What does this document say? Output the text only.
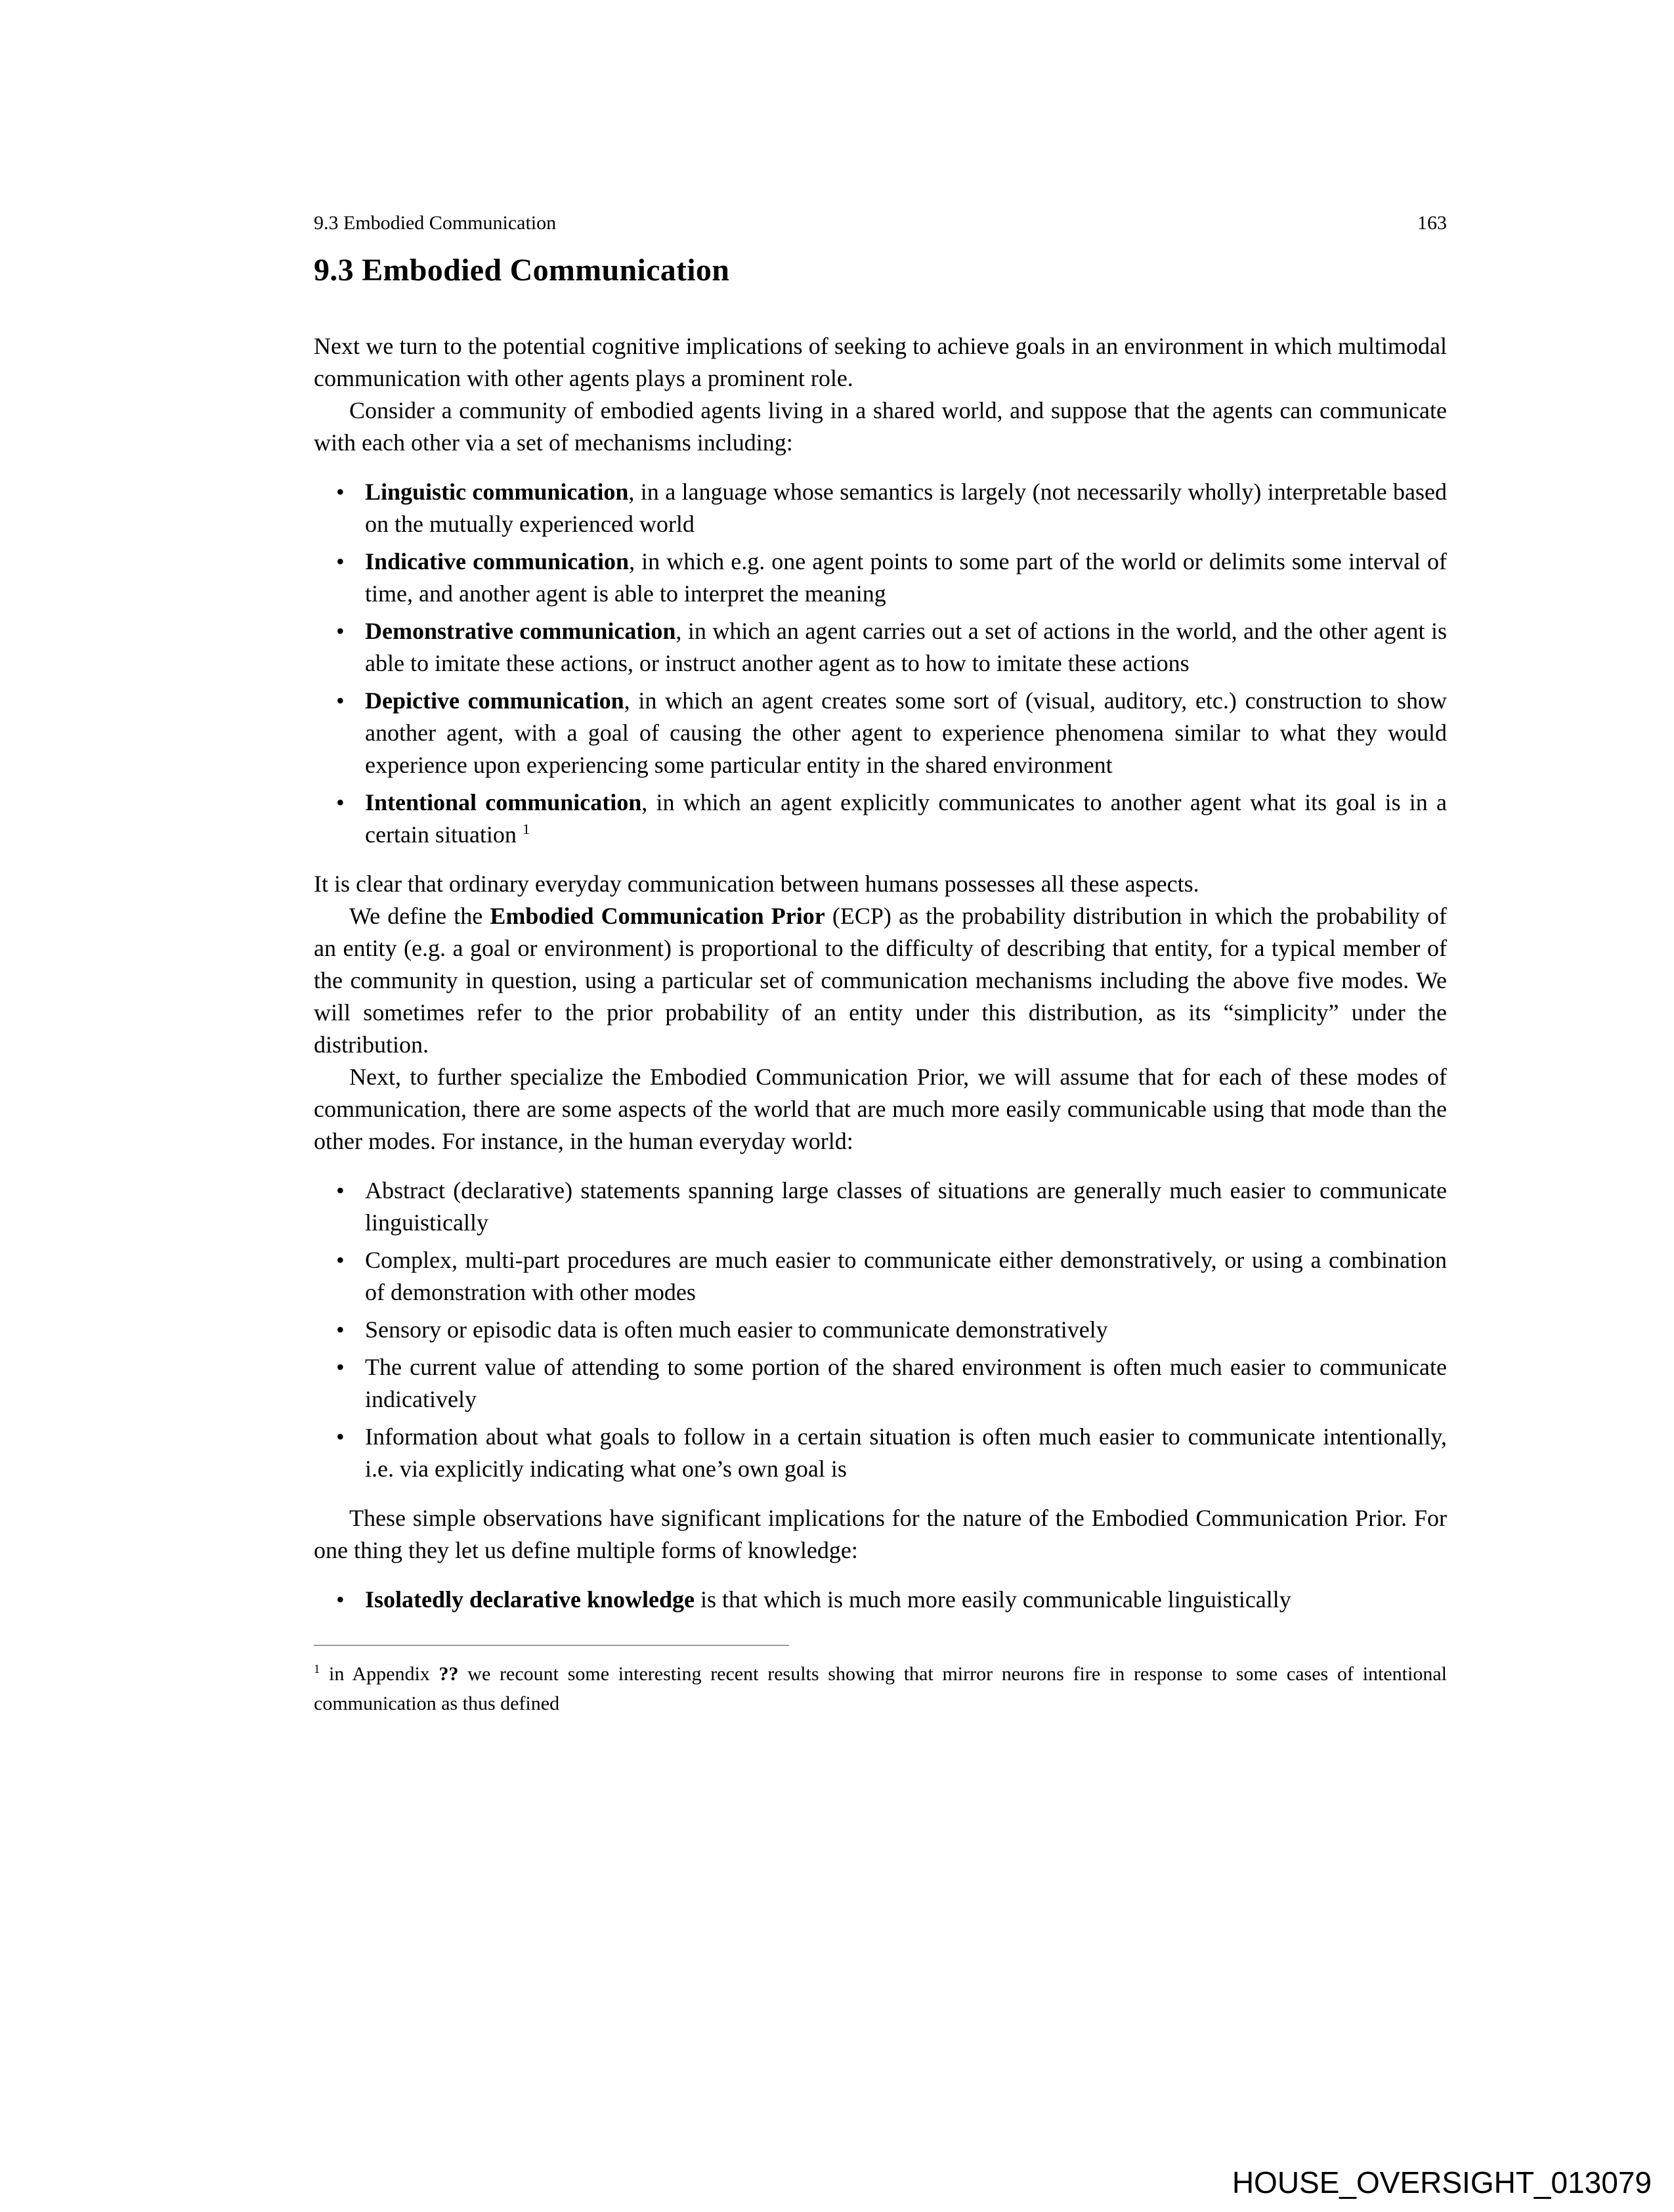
9.3 Embodied Communication	163
9.3 Embodied Communication

Next we turn to the potential cognitive implications of seeking to achieve goals in an environment in which multimodal communication with other agents plays a prominent role.

Consider a community of embodied agents living in a shared world, and suppose that the agents can communicate with each other via a set of mechanisms including:

• Linguistic communication, in a language whose semantics is largely (not necessarily wholly) interpretable based on the mutually experienced world
• Indicative communication, in which e.g. one agent points to some part of the world or delimits some interval of time, and another agent is able to interpret the meaning
• Demonstrative communication, in which an agent carries out a set of actions in the world, and the other agent is able to imitate these actions, or instruct another agent as to how to imitate these actions
• Depictive communication, in which an agent creates some sort of (visual, auditory, etc.) construction to show another agent, with a goal of causing the other agent to experience phenomena similar to what they would experience upon experiencing some particular entity in the shared environment
• Intentional communication, in which an agent explicitly communicates to another agent what its goal is in a certain situation $^1$

It is clear that ordinary everyday communication between humans possesses all these aspects.

We define the Embodied Communication Prior (ECP) as the probability distribution in which the probability of an entity (e.g. a goal or environment) is proportional to the difficulty of describing that entity, for a typical member of the community in question, using a particular set of communication mechanisms including the above five modes. We will sometimes refer to the prior probability of an entity under this distribution, as its “simplicity” under the distribution.

Next, to further specialize the Embodied Communication Prior, we will assume that for each of these modes of communication, there are some aspects of the world that are much more easily communicable using that mode than the other modes. For instance, in the human everyday world:

• Abstract (declarative) statements spanning large classes of situations are generally much easier to communicate linguistically
• Complex, multi-part procedures are much easier to communicate either demonstratively, or using a combination of demonstration with other modes
• Sensory or episodic data is often much easier to communicate demonstratively
• The current value of attending to some portion of the shared environment is often much easier to communicate indicatively
• Information about what goals to follow in a certain situation is often much easier to communicate intentionally, i.e. via explicitly indicating what one’s own goal is

These simple observations have significant implications for the nature of the Embodied Communication Prior. For one thing they let us define multiple forms of knowledge:

• Isolatedly declarative knowledge is that which is much more easily communicable linguistically
$^1$ in Appendix ?? we recount some interesting recent results showing that mirror neurons fire in response to some cases of intentional communication as thus defined
HOUSE_OVERSIGHT_013079
